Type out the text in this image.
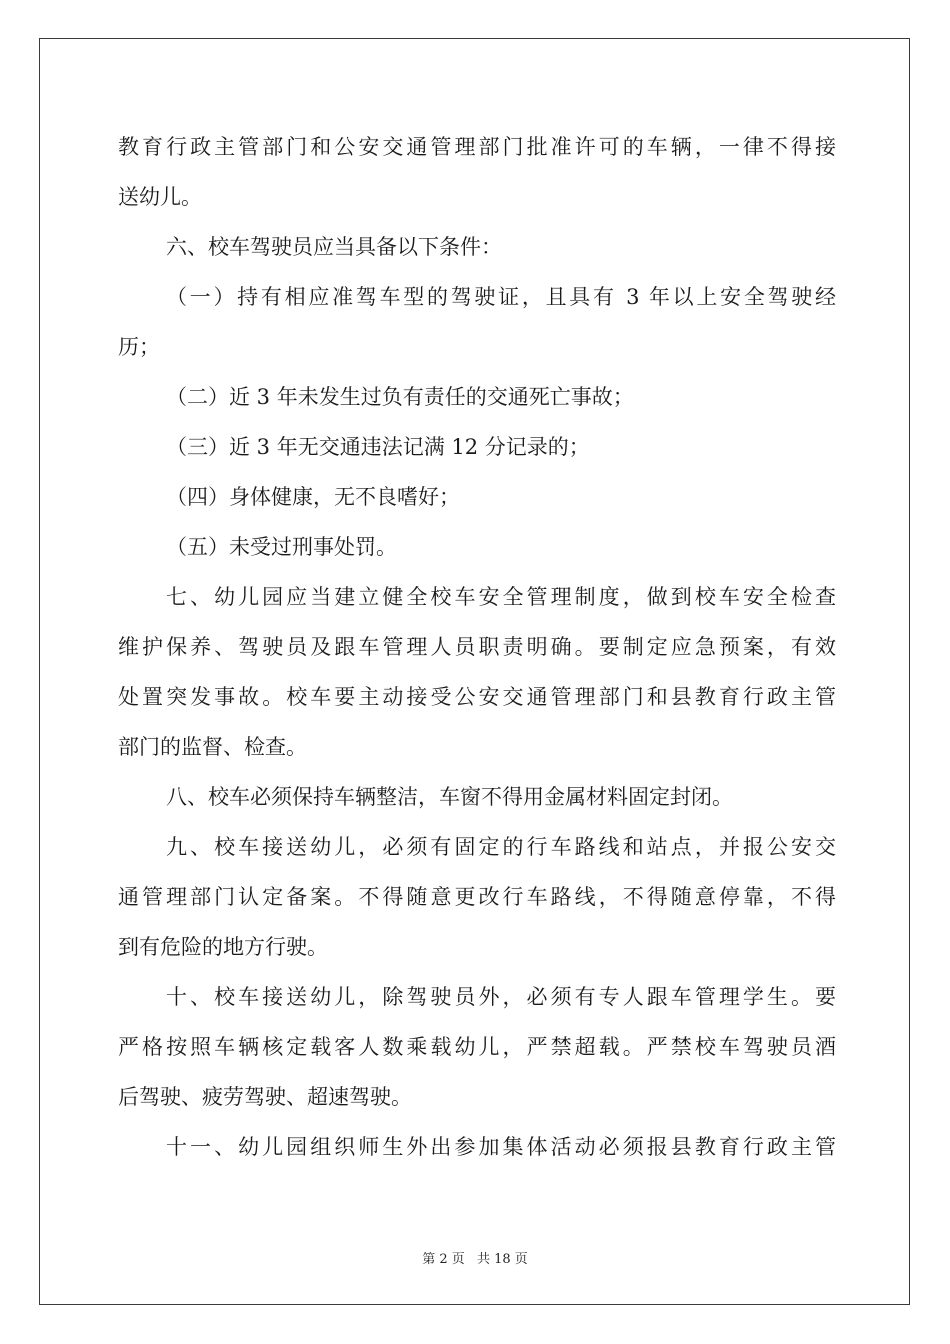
教育行政主管部门和公安交通管理部门批准许可的车辆，一律不得接

送幼儿。

六、校车驾驶员应当具备以下条件：

（一）持有相应准驾车型的驾驶证，且具有 3 年以上安全驾驶经

历；

（二）近 3 年未发生过负有责任的交通死亡事故；

（三）近 3 年无交通违法记满 12 分记录的；

（四）身体健康，无不良嗜好；

（五）未受过刑事处罚。

七、幼儿园应当建立健全校车安全管理制度，做到校车安全检查

维护保养、驾驶员及跟车管理人员职责明确。要制定应急预案，有效

处置突发事故。校车要主动接受公安交通管理部门和县教育行政主管

部门的监督、检查。

八、校车必须保持车辆整洁，车窗不得用金属材料固定封闭。

九、校车接送幼儿，必须有固定的行车路线和站点，并报公安交

通管理部门认定备案。不得随意更改行车路线，不得随意停靠，不得

到有危险的地方行驶。

十、校车接送幼儿，除驾驶员外，必须有专人跟车管理学生。要

严格按照车辆核定载客人数乘载幼儿，严禁超载。严禁校车驾驶员酒

后驾驶、疲劳驾驶、超速驾驶。

十一、幼儿园组织师生外出参加集体活动必须报县教育行政主管

第 2 页 共 18 页
